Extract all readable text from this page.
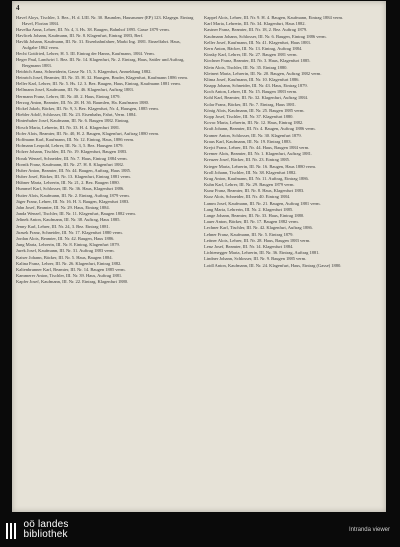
4
Havel Aloys, Tischler, 3. Bez., H. d. LIII. Nr. 30. Baumlen, Hausnumer (EP) 123. Klagegn. Eintrag Havel, Florian 1884.
Havelka Anna, Lehrer, III. Nr. 4, 3. Hs. 38. Baugen, Bahnhof 1895. Gasse 1879 verm.
Havlicek Johann, Kaufmann, III. Nr. 8. Klagenfurt, Eintrag 1883, Berf.
Havlik Johann, Kaufmann, III. Nr. 31. Eisenbahnfahrer, Markt Ing. 1881. Einzelfahrt. Haus, Aufgabe 1862 verm.
Hecht Gottfried, Lehrer, H. 5. III. Eintrag der Hanns, Kaufmann, 1884. Verm.
Heger Paul, Landwirt 1. Bez. III. Nr. 14. Klagenfurt, Nr. 2. Eintrag, Haus, Sattler und Auftrag, Bergmann 1883.
Heidrich Anna, Schneiderin, Gasse Nr. 15, 3. Klagenfurt, Anmeldung 1882.
Heinrich Josef, Beamter, III. Nr. 35. H. 32. Hausgen, Bruder, Klagenfurt, Kaufmann 1886 verm.
Heller Karl, Lehrer, III. Nr. 5. Hs. 12. 3. Bez. Baugen, Haus, Eintrag, Kaufmann 1881 verm.
Hellmann Josef, Kaufmann, III. Nr. 46. Klagenfurt, Auftrag 1883.
Hermann Franz, Lehrer, III. Nr. 40. 2. Haus, Eintrag 1879.
Herzog Anton, Beamter, III. Nr. 28. H. 36. Baumlen, Ha. Kaufmann 1880.
Hickel Jakob, Bäcker, III. Nr. 9, 3. Bez. Klagenfurt, Nr. 4, Hausgen, 1885 verm.
Hiebler Adolf, Schlosser, III. Nr. 23. Eisenbahn, Fahrt, Verm. 1884.
Hinterhuber Josef, Kaufmann, III. Nr. 6. Baugen 1882. Eintrag.
Hirsch Maria, Lehrerin, III. Nr. 33. H. 4. Klagenfurt 1881.
Hofer Alois, Beamter, III. Nr. 40, H. 2. Baugen, Klagenfurt, Auftrag 1880 verm.
Hoffmann Karl, Kaufmann, III. Nr. 12. Eintrag, Haus, 1886 verm.
Hofmann Leopold, Lehrer, III. Nr. 3, 5. Bez. Hausgen 1879.
Holzer Johann, Tischler, III. Nr. 19. Klagenfurt, Baugen 1883.
Horak Wenzel, Schneider, III. Nr. 7. Haus, Eintrag 1884 verm.
Hornik Franz, Kaufmann, III. Nr. 27. H. 8. Klagenfurt 1882.
Huber Anton, Beamter, III. Nr. 44. Baugen, Auftrag, Haus 1885.
Huber Josef, Bäcker, III. Nr. 13. Klagenfurt, Eintrag 1881 verm.
Hübner Maria, Lehrerin, III. Nr. 21, 2. Bez. Baugen 1880.
Hummel Karl, Schlosser, III. Nr. 36. Haus, Klagenfurt 1886.
Hutter Alois, Kaufmann, III. Nr. 2. Eintrag, Auftrag 1879 verm.
Jäger Franz, Lehrer, III. Nr. 16. H. 3. Baugen, Klagenfurt 1883.
Jahn Josef, Beamter, III. Nr. 29. Haus, Eintrag 1884.
Janda Wenzel, Tischler, III. Nr. 11. Klagenfurt, Baugen 1882 verm.
Jelinek Anton, Kaufmann, III. Nr. 38. Auftrag, Haus 1885.
Jenny Karl, Lehrer, III. Nr. 24, 3. Bez. Eintrag 1881.
Jirasek Franz, Schneider, III. Nr. 17. Klagenfurt 1880 verm.
Jordan Alois, Beamter, III. Nr. 42. Baugen, Haus 1886.
Jung Maria, Lehrerin, III. Nr. 8. Eintrag, Klagenfurt 1879.
Jurek Josef, Kaufmann, III. Nr. 31. Auftrag 1883 verm.
Kaiser Johann, Bäcker, III. Nr. 5. Haus, Baugen 1884.
Kalina Franz, Lehrer, III. Nr. 26. Klagenfurt, Eintrag 1882.
Kaltenbrunner Karl, Beamter, III. Nr. 14. Baugen 1885 verm.
Kammerer Anton, Tischler, III. Nr. 39. Haus, Auftrag 1881.
Kapfer Josef, Kaufmann, III. Nr. 22. Eintrag, Klagenfurt 1880.
Kappel Alois, Lehrer, III. Nr. 9. H. 4. Baugen, Kaufmann, Eintrag 1884 verm.
Karl Maria, Lehrerin, III. Nr. 34. Klagenfurt, Haus 1882.
Kastner Franz, Beamter, III. Nr. 18, 2. Bez. Auftrag 1879.
Kaufmann Johann, Schlosser, III. Nr. 6. Baugen, Eintrag 1886 verm.
Keller Josef, Kaufmann, III. Nr. 41. Klagenfurt, Haus 1883.
Kern Anton, Bäcker, III. Nr. 13. Eintrag, Auftrag 1884.
Kinsky Karl, Lehrer, III. Nr. 27. Baugen 1881 verm.
Kirchner Franz, Beamter, III. Nr. 3. Haus, Klagenfurt 1885.
Klein Alois, Tischler, III. Nr. 35. Eintrag 1880.
Kleinert Maria, Lehrerin, III. Nr. 20. Baugen, Auftrag 1882 verm.
Klima Josef, Kaufmann, III. Nr. 10. Klagenfurt 1886.
Knapp Johann, Schneider, III. Nr. 43. Haus, Eintrag 1879.
Koch Anton, Lehrer, III. Nr. 15. Baugen 1883 verm.
Kohl Karl, Beamter, III. Nr. 32. Klagenfurt, Auftrag 1884.
Kolar Franz, Bäcker, III. Nr. 7. Eintrag, Haus 1881.
König Alois, Kaufmann, III. Nr. 25. Baugen 1885 verm.
Kopp Josef, Tischler, III. Nr. 37. Klagenfurt 1880.
Kovac Maria, Lehrerin, III. Nr. 12. Haus, Eintrag 1882.
Kraft Johann, Beamter, III. Nr. 4. Baugen, Auftrag 1886 verm.
Kramer Anton, Schlosser, III. Nr. 30. Klagenfurt 1879.
Kraus Karl, Kaufmann, III. Nr. 19. Eintrag 1883.
Krejci Franz, Lehrer, III. Nr. 44. Haus, Baugen 1884 verm.
Kremer Alois, Beamter, III. Nr. 1. Klagenfurt, Auftrag 1881.
Kreuzer Josef, Bäcker, III. Nr. 23. Eintrag 1885.
Krieger Maria, Lehrerin, III. Nr. 16. Baugen, Haus 1880 verm.
Kroll Johann, Tischler, III. Nr. 38. Klagenfurt 1882.
Krug Anton, Kaufmann, III. Nr. 11. Auftrag, Eintrag 1886.
Kuhn Karl, Lehrer, III. Nr. 29. Baugen 1879 verm.
Kunz Franz, Beamter, III. Nr. 8. Haus, Klagenfurt 1883.
Kurz Alois, Schneider, III. Nr. 40. Eintrag 1884.
Lamm Josef, Kaufmann, III. Nr. 21. Baugen, Auftrag 1881 verm.
Lang Maria, Lehrerin, III. Nr. 2. Klagenfurt 1885.
Lange Johann, Beamter, III. Nr. 33. Haus, Eintrag 1880.
Lauer Anton, Bäcker, III. Nr. 17. Baugen 1882 verm.
Lechner Karl, Tischler, III. Nr. 42. Klagenfurt, Auftrag 1886.
Lehner Franz, Kaufmann, III. Nr. 5. Eintrag 1879.
Leitner Alois, Lehrer, III. Nr. 28. Haus, Baugen 1883 verm.
Lenz Josef, Beamter, III. Nr. 14. Klagenfurt 1884.
Lichtenegger Maria, Lehrerin, III. Nr. 36. Eintrag, Auftrag 1881.
Lindner Johann, Schlosser, III. Nr. 9. Baugen 1885 verm.
Loidl Anton, Kaufmann, III. Nr. 24. Klagenfurt, Haus, Eintrag (Gasse) 1880.

oö landes
bibliothek	Intranda viewer
